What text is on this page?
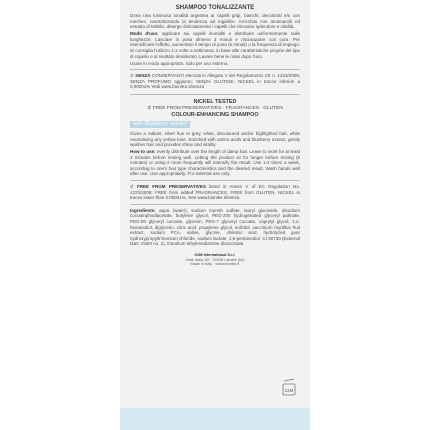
SHAMPOO TONALIZZANTE

Dona una luminosa tonalità argentea ai capelli grigi, bianchi, decolorati e/o con meches, neutralizzando la tendenza ad ingiallire. Arricchito con aminoacidi ed estratto di Mirtillo, deterge delicatamente i capelli che ritrovano splendore e vitalità.

Modo d'uso: applicare sui capelli inumiditi e distribuire uniformemente sulle lunghezze. Lasciare in posa almeno 3 minuti e risciacquare con cura. Per intensificare l'effetto, aumentare il tempo di posa (5 minuti) o la frequenza di impiego. Si consiglia l'utilizzo 1-2 volte a settimana, in base alle caratteristiche proprie del tipo di capello e al risultato desiderato. Lavare bene le mani dopo l'uso.

Usare in modo appropriato. Solo per uso esterno.

⊄ SENZA CONSERVANTI elencati in Allegato V del Regolamento CE n. 1223/2009; SENZA PROFUMO aggiunto; SENZA GLUTINE. NICKEL in tracce inferiori a 0,00001% Vedi www.bioniKe.it/senza

NICKEL TESTED
⊄ FREE FROM PRESERVATIVES · FRAGRANCES · GLUTEN
COLOUR-ENHANCING SHAMPOO
with Blueberry extract

Gives a radiant, silver hue to grey, white, decoloured and/or highlighted hair, while neutralising any yellow tone. Enriched with amino acids and blueberry extract, gently washes hair and provides shine and vitality.

How to use: evenly distribute over the length of damp hair. Leave to work for at least 3 minutes before rinsing well. Letting the product sit for longer before rinsing (5 minutes) or using it more frequently will intensify the result. Use 1-2 times a week, according to one's hair type characteristics and the desired result. Wash hands well after use. Use appropriately. For external use only.

⊄ FREE FROM PRESERVATIVES listed in Annex V of EC Regulation No. 1223/2009; FREE from added FRAGRANCES; FREE from GLUTEN. NICKEL in traces lower than 0.00001%. See www.bionike.it/senza

Ingredients: aqua (water), sodium myreth sulfate, lauryl glucoside, disodium cocoamphodiacetate, butylene glycol, PEG-200 hydrogenated glyceryl palmate, PEG-80 glyceryl cocoate, glycerin, PEG-7 glyceryl cocoate, caprylyl glycol, 1,2-hexanediol, diglycerin, citric acid, propylene glycol, sorbitol, vaccinium myrtillus fruit extract, sodium PCA, valine, glycine, shikimic acid, hydrolyzed guar hydroxypropyltrimonium chloride, sodium lactate, 1,5-pentanediol, CI 60730 (External D&C Violet no. 2), trisodium ethylenediamine disuccinate.

ICIM International S.r.l.
Viale Italia, 60 - 20045 Lainate (MI)
Made in Italy · www.bionike.it
12M
